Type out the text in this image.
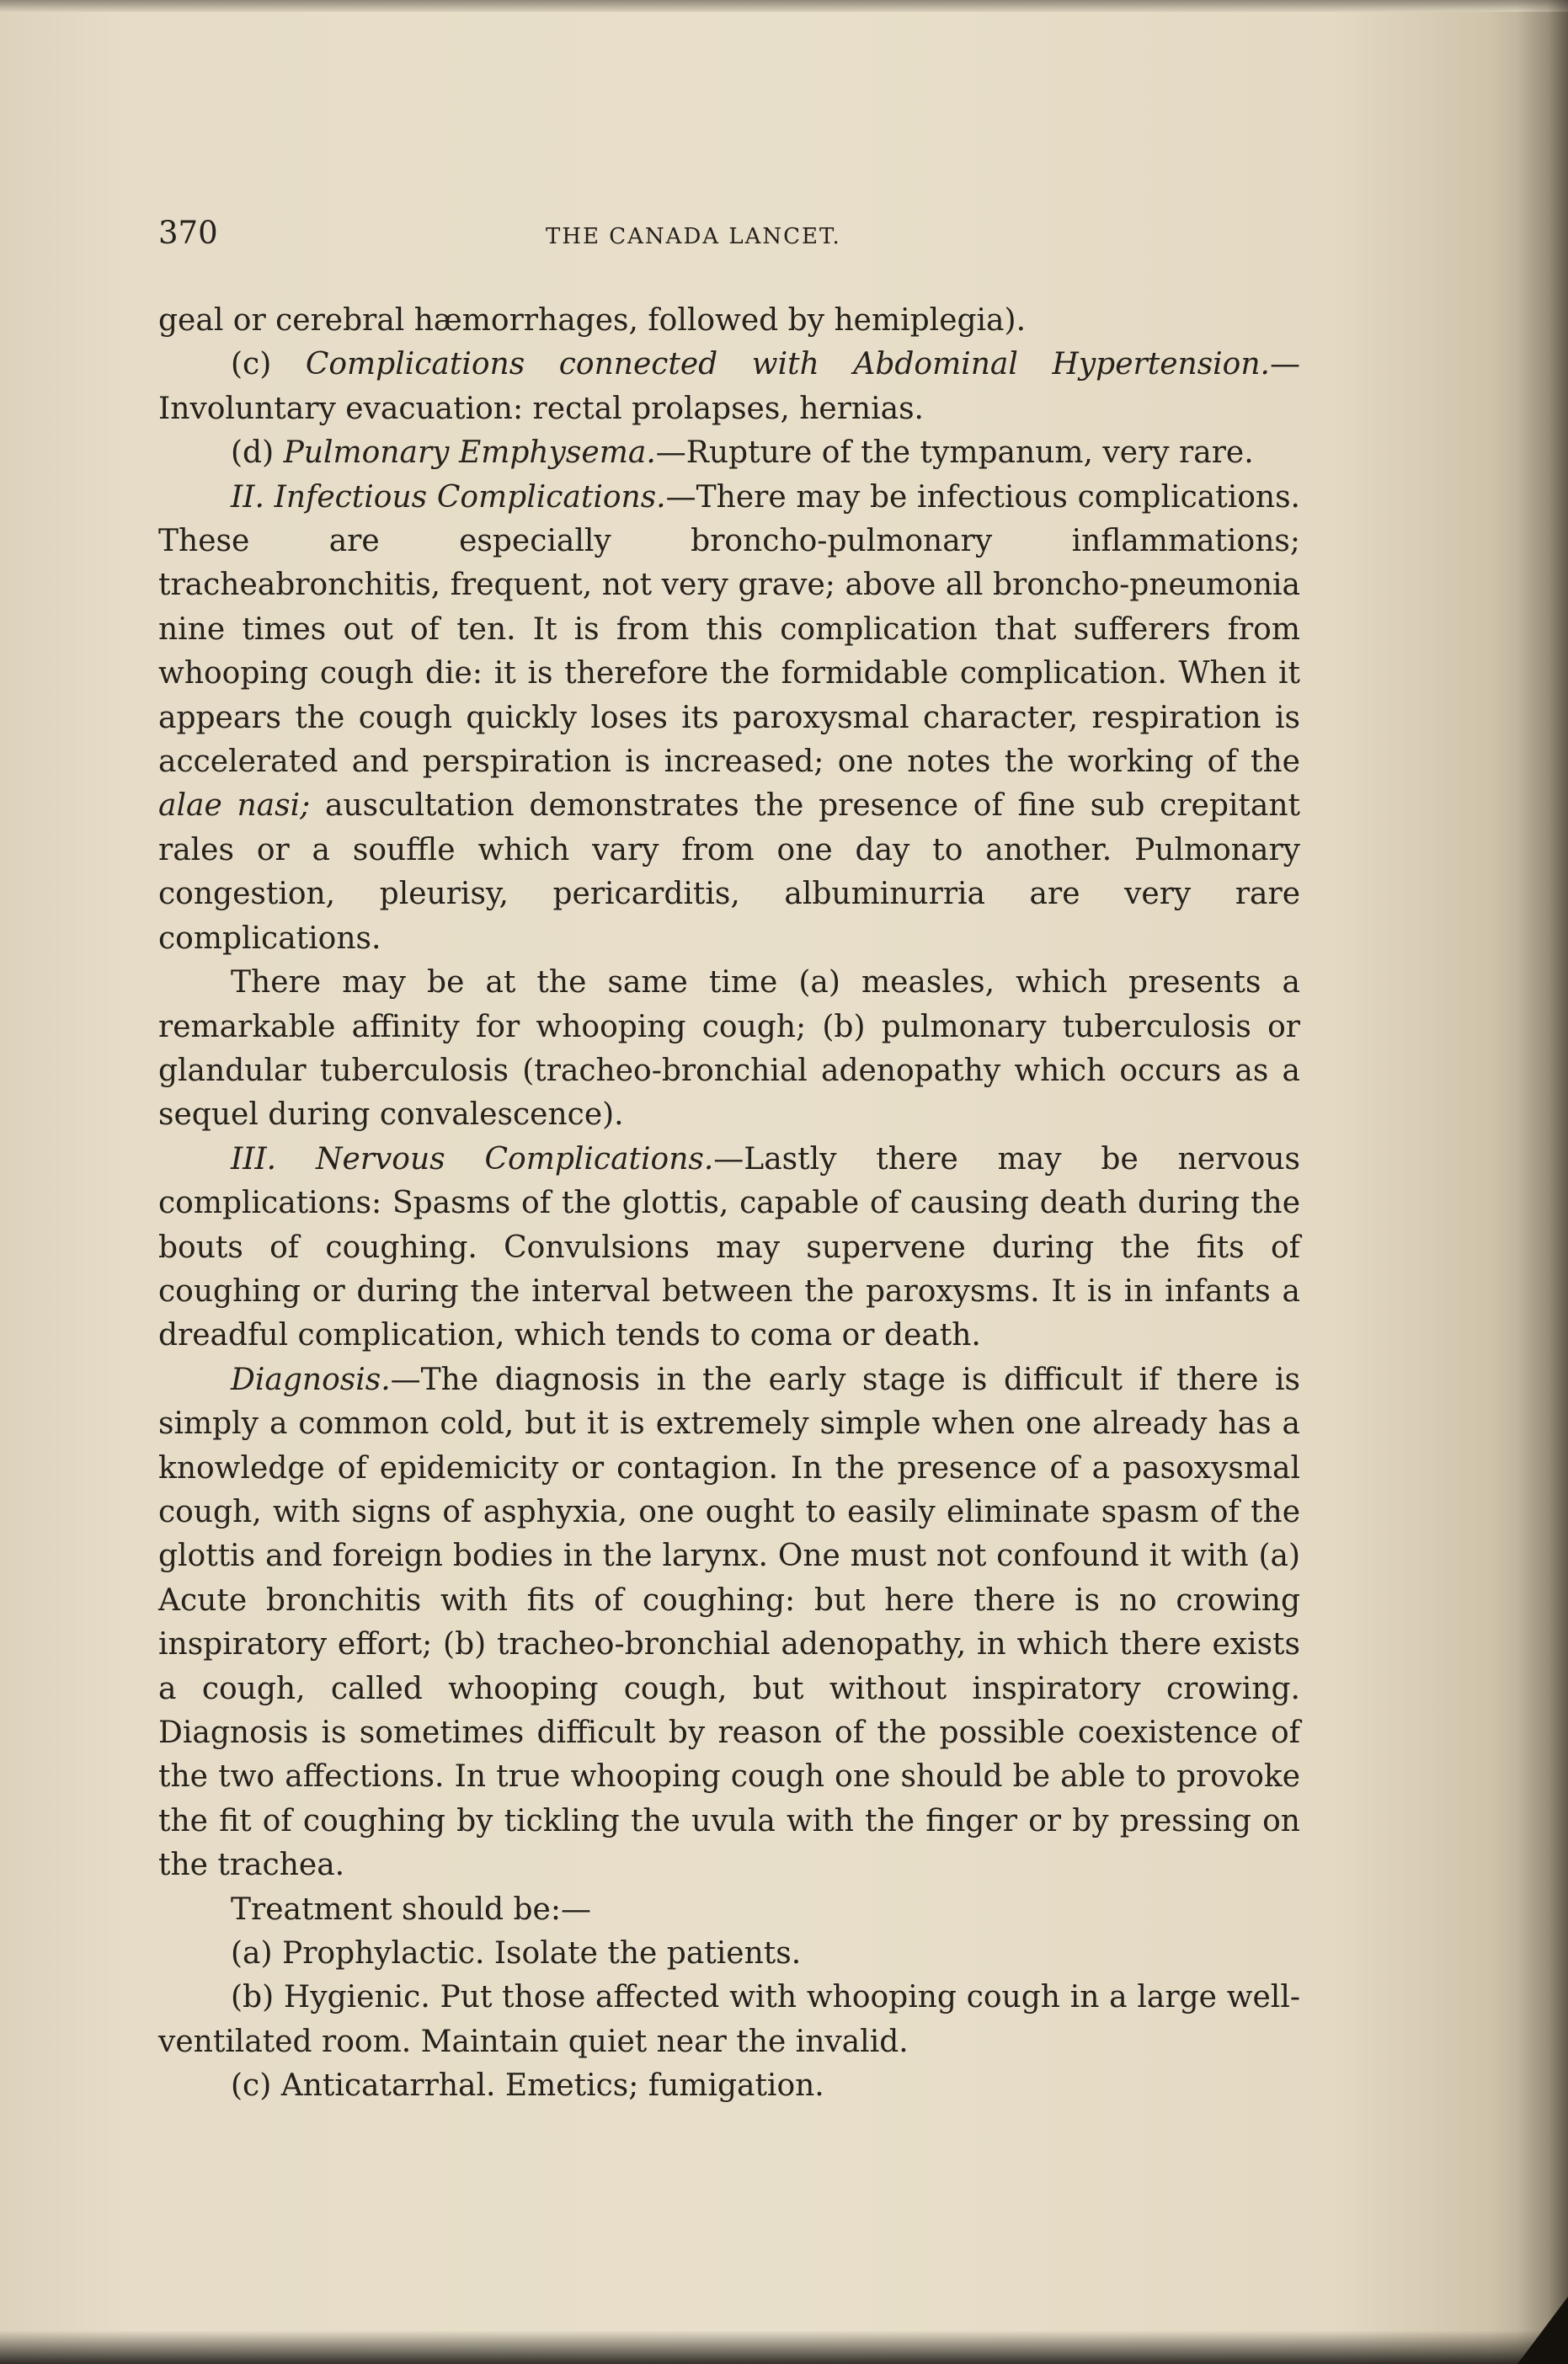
370	THE CANADA LANCET.

geal or cerebral hæmorrhages, followed by hemiplegia).

(c) Complications connected with Abdominal Hypertension.—Involuntary evacuation: rectal prolapses, hernias.

(d) Pulmonary Emphysema.—Rupture of the tympanum, very rare.

II. Infectious Complications.—There may be infectious complications. These are especially broncho-pulmonary inflammations; tracheabronchitis, frequent, not very grave; above all broncho-pneumonia nine times out of ten. It is from this complication that sufferers from whooping cough die: it is therefore the formidable complication. When it appears the cough quickly loses its paroxysmal character, respiration is accelerated and perspiration is increased; one notes the working of the alae nasi; auscultation demonstrates the presence of fine sub crepitant rales or a souffle which vary from one day to another. Pulmonary congestion, pleurisy, pericarditis, albuminurria are very rare complications.

There may be at the same time (a) measles, which presents a remarkable affinity for whooping cough; (b) pulmonary tuberculosis or glandular tuberculosis (tracheo-bronchial adenopathy which occurs as a sequel during convalescence).

III. Nervous Complications.—Lastly there may be nervous complications: Spasms of the glottis, capable of causing death during the bouts of coughing. Convulsions may supervene during the fits of coughing or during the interval between the paroxysms. It is in infants a dreadful complication, which tends to coma or death.

Diagnosis.—The diagnosis in the early stage is difficult if there is simply a common cold, but it is extremely simple when one already has a knowledge of epidemicity or contagion. In the presence of a pasoxysmal cough, with signs of asphyxia, one ought to easily eliminate spasm of the glottis and foreign bodies in the larynx. One must not confound it with (a) Acute bronchitis with fits of coughing: but here there is no crowing inspiratory effort; (b) tracheo-bronchial adenopathy, in which there exists a cough, called whooping cough, but without inspiratory crowing. Diagnosis is sometimes difficult by reason of the possible coexistence of the two affections. In true whooping cough one should be able to provoke the fit of coughing by tickling the uvula with the finger or by pressing on the trachea.

Treatment should be:—

(a) Prophylactic. Isolate the patients.

(b) Hygienic. Put those affected with whooping cough in a large well-ventilated room. Maintain quiet near the invalid.

(c) Anticatarrhal. Emetics; fumigation.
